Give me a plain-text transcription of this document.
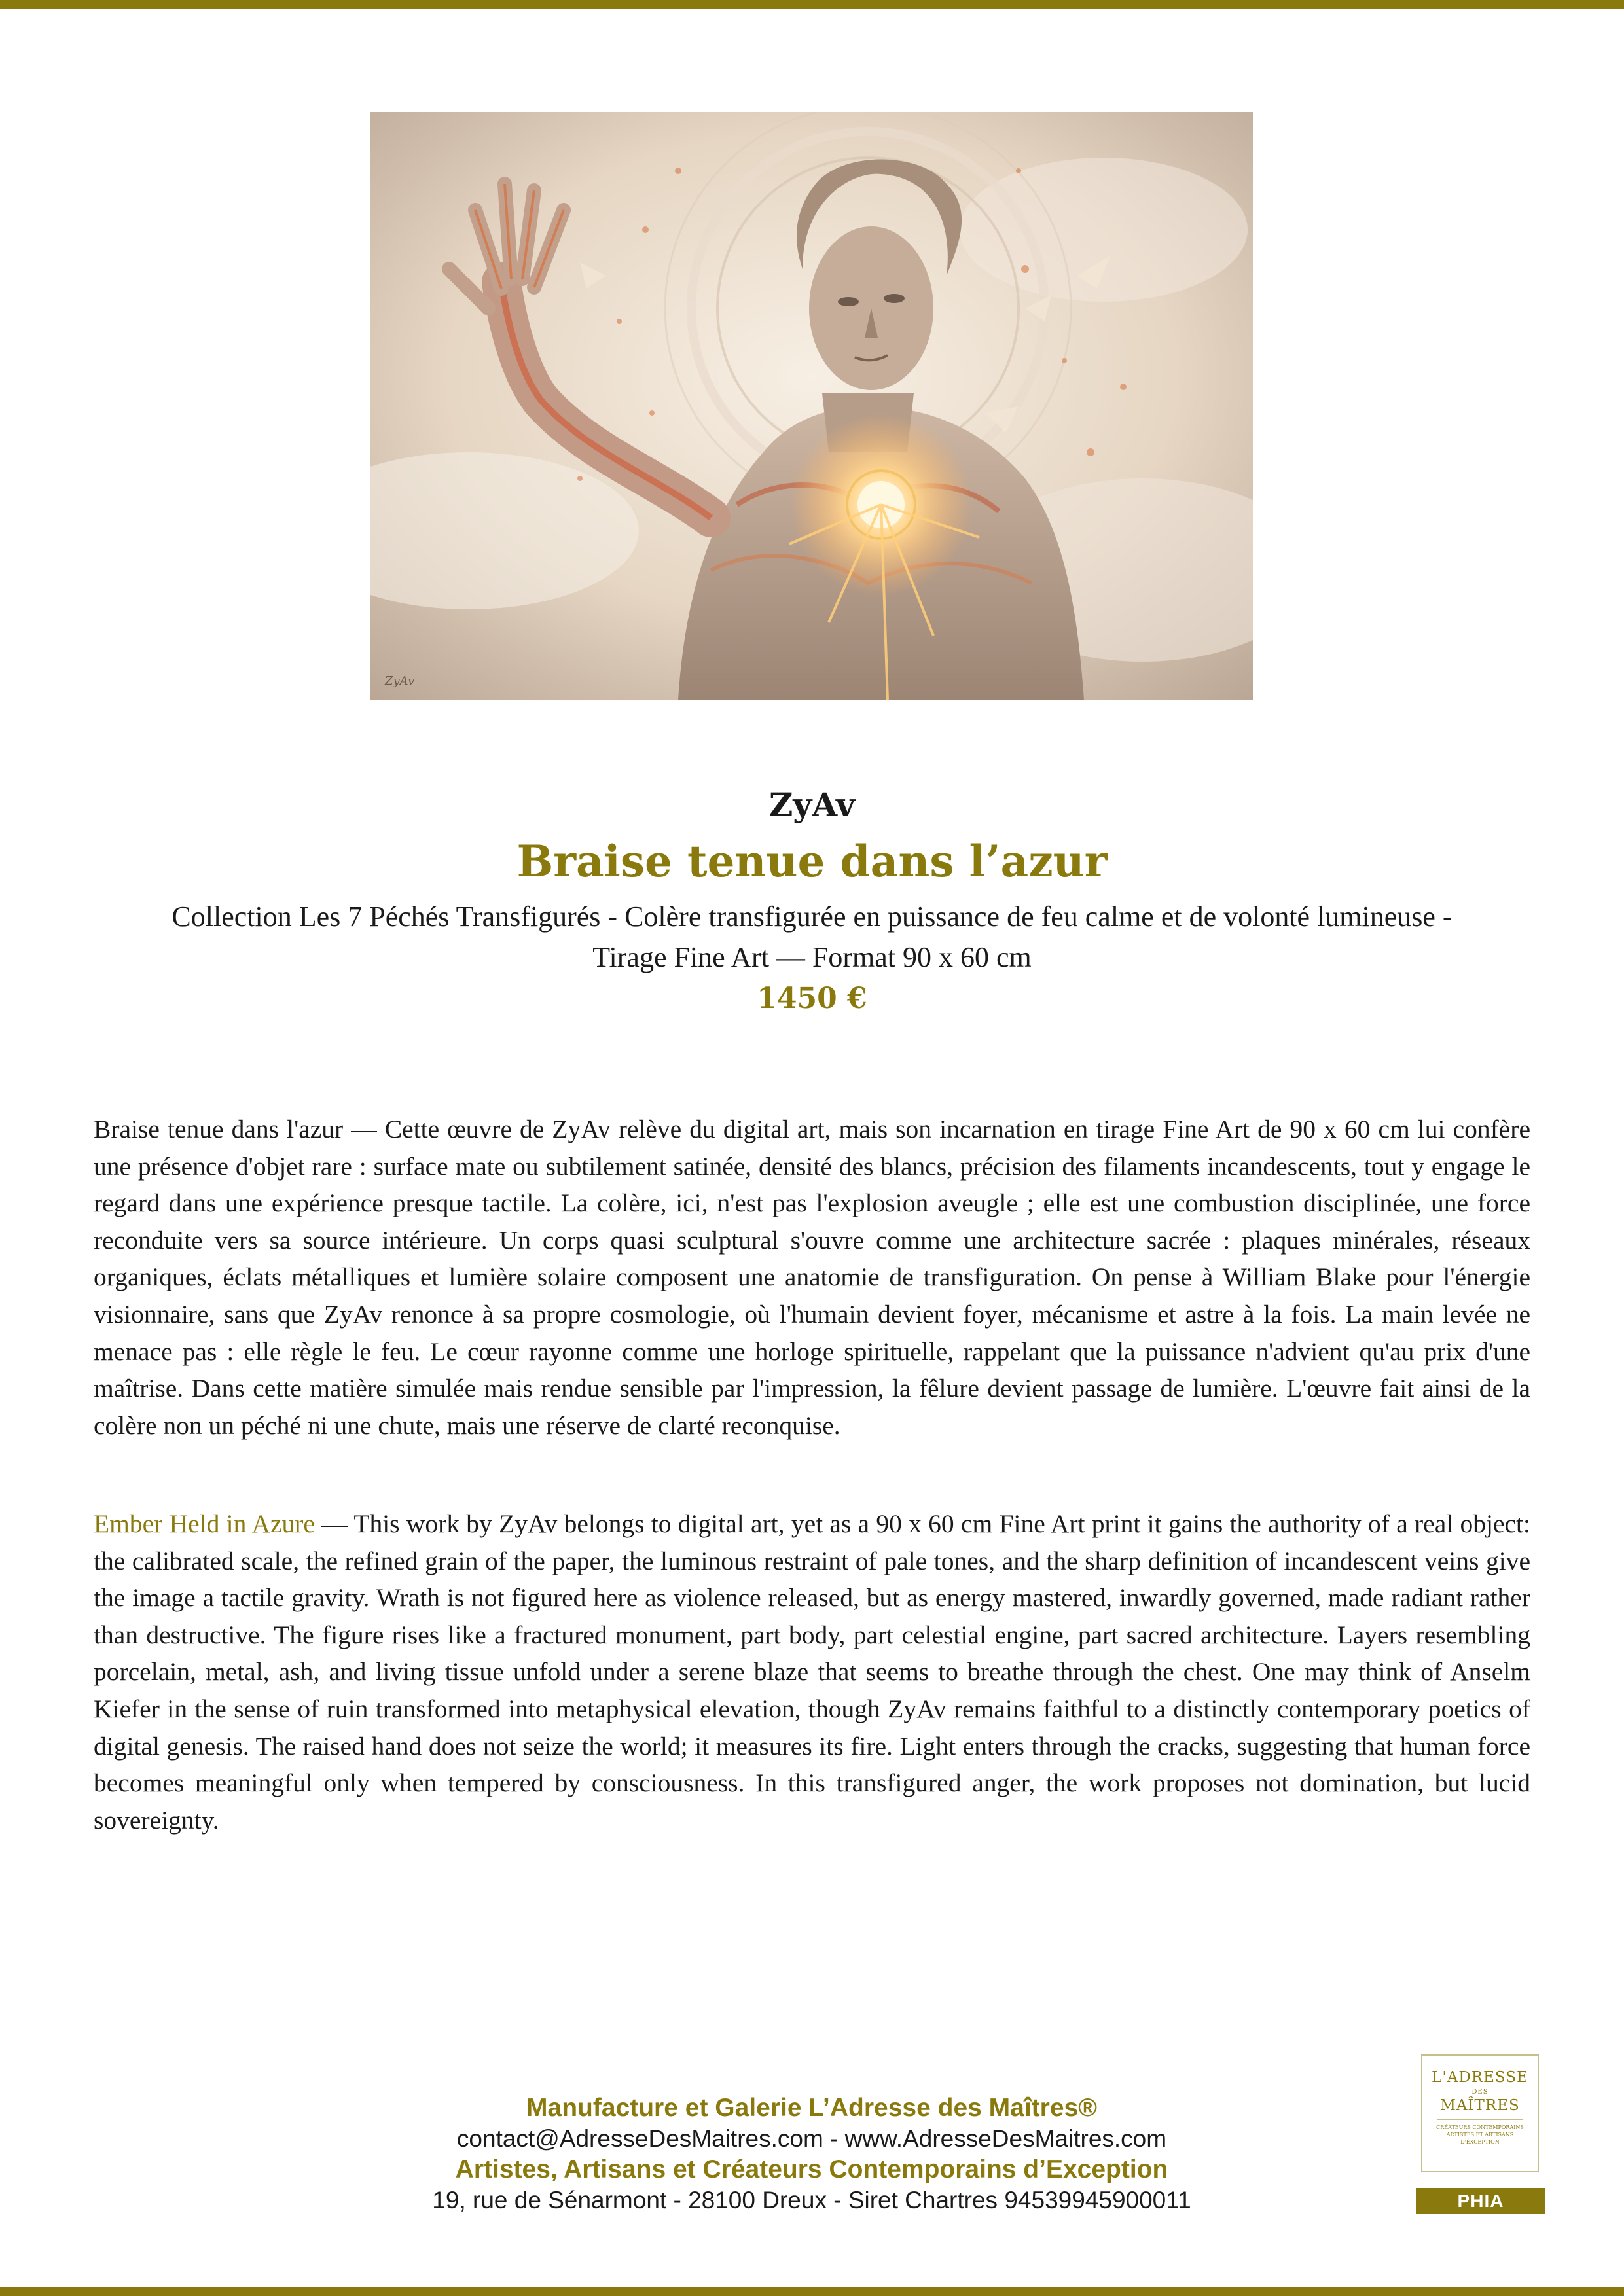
ZyAv
ZyAv
Braise tenue dans l’azur
Collection Les 7 Péchés Transfigurés - Colère transfigurée en puissance de feu calme et de volonté lumineuse -
Tirage Fine Art — Format 90 x 60 cm
1450 €

Braise tenue dans l'azur — Cette œuvre de ZyAv relève du digital art, mais son incarnation en tirage Fine Art de 90 x 60 cm lui confère une présence d'objet rare : surface mate ou subtilement satinée, densité des blancs, précision des filaments incandescents, tout y engage le regard dans une expérience presque tactile. La colère, ici, n'est pas l'explosion aveugle ; elle est une combustion disciplinée, une force reconduite vers sa source intérieure. Un corps quasi sculptural s'ouvre comme une architecture sacrée : plaques minérales, réseaux organiques, éclats métalliques et lumière solaire composent une anatomie de transfiguration. On pense à William Blake pour l'énergie visionnaire, sans que ZyAv renonce à sa propre cosmologie, où l'humain devient foyer, mécanisme et astre à la fois. La main levée ne menace pas : elle règle le feu. Le cœur rayonne comme une horloge spirituelle, rappelant que la puissance n'advient qu'au prix d'une maîtrise. Dans cette matière simulée mais rendue sensible par l'impression, la fêlure devient passage de lumière. L'œuvre fait ainsi de la colère non un péché ni une chute, mais une réserve de clarté reconquise.

Ember Held in Azure — This work by ZyAv belongs to digital art, yet as a 90 x 60 cm Fine Art print it gains the authority of a real object: the calibrated scale, the refined grain of the paper, the luminous restraint of pale tones, and the sharp definition of incandescent veins give the image a tactile gravity. Wrath is not figured here as violence released, but as energy mastered, inwardly governed, made radiant rather than destructive. The figure rises like a fractured monument, part body, part celestial engine, part sacred architecture. Layers resembling porcelain, metal, ash, and living tissue unfold under a serene blaze that seems to breathe through the chest. One may think of Anselm Kiefer in the sense of ruin transformed into metaphysical elevation, though ZyAv remains faithful to a distinctly contemporary poetics of digital genesis. The raised hand does not seize the world; it measures its fire. Light enters through the cracks, suggesting that human force becomes meaningful only when tempered by consciousness. In this transfigured anger, the work proposes not domination, but lucid sovereignty.

Manufacture et Galerie L’Adresse des Maîtres®
contact@AdresseDesMaitres.com - www.AdresseDesMaitres.com
Artistes, Artisans et Créateurs Contemporains d’Exception
19, rue de Sénarmont - 28100 Dreux - Siret Chartres 94539945900011
L'ADRESSE
DES
MAÎTRES
CRÉATEURS CONTEMPORAINS ARTISTES ET ARTISANS D'EXCEPTION
PHIA
